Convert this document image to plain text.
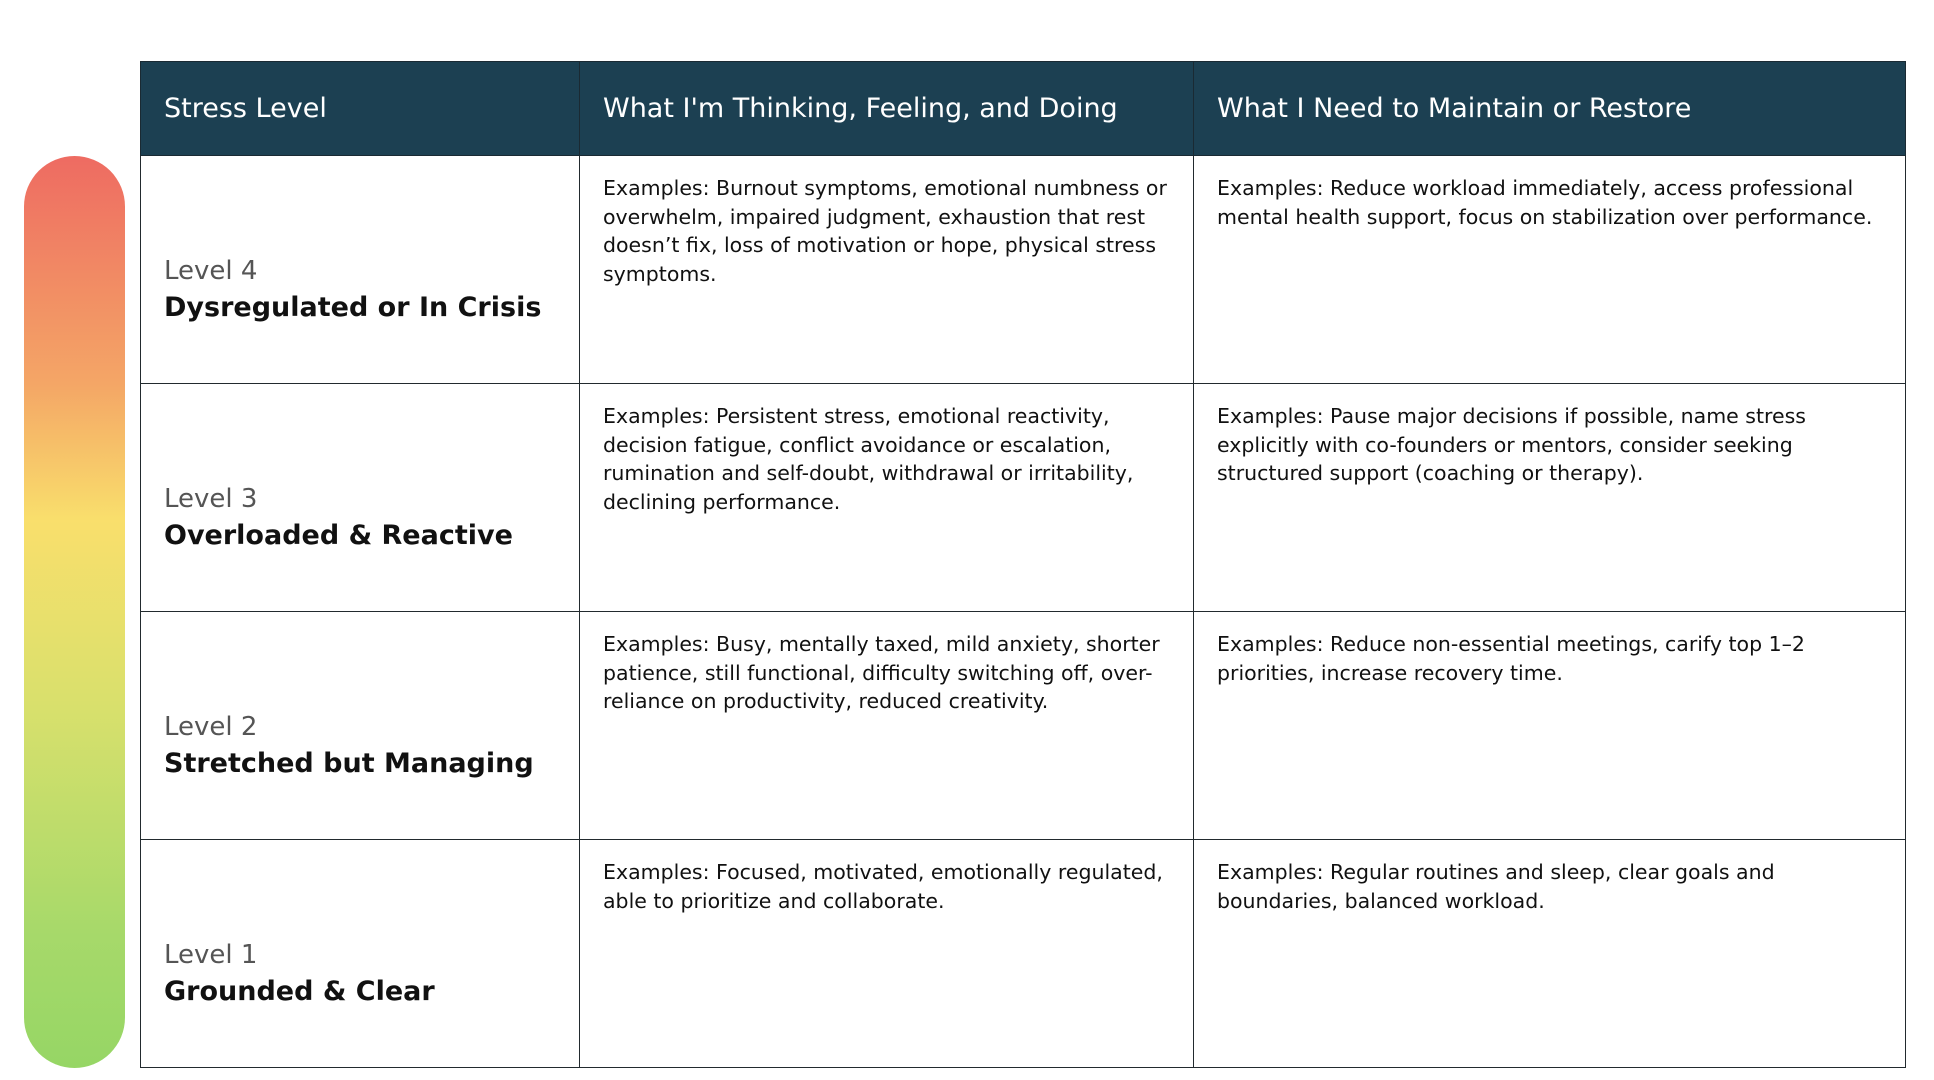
Stress Level	What I'm Thinking, Feeling, and Doing	What I Need to Maintain or Restore

Level 4
Dysregulated or In Crisis	Examples: Burnout symptoms, emotional numbness or overwhelm, impaired judgment, exhaustion that rest doesn’t fix, loss of motivation or hope, physical stress symptoms.	Examples: Reduce workload immediately, access professional mental health support, focus on stabilization over performance.

Level 3
Overloaded & Reactive	Examples: Persistent stress, emotional reactivity, decision fatigue, conflict avoidance or escalation, rumination and self-doubt, withdrawal or irritability, declining performance.	Examples: Pause major decisions if possible, name stress explicitly with co-founders or mentors, consider seeking structured support (coaching or therapy).

Level 2
Stretched but Managing	Examples: Busy, mentally taxed, mild anxiety, shorter patience, still functional, difficulty switching off, over-reliance on productivity, reduced creativity.	Examples: Reduce non-essential meetings, carify top 1–2 priorities, increase recovery time.

Level 1
Grounded & Clear	Examples: Focused, motivated, emotionally regulated, able to prioritize and collaborate.	Examples: Regular routines and sleep, clear goals and boundaries, balanced workload.
